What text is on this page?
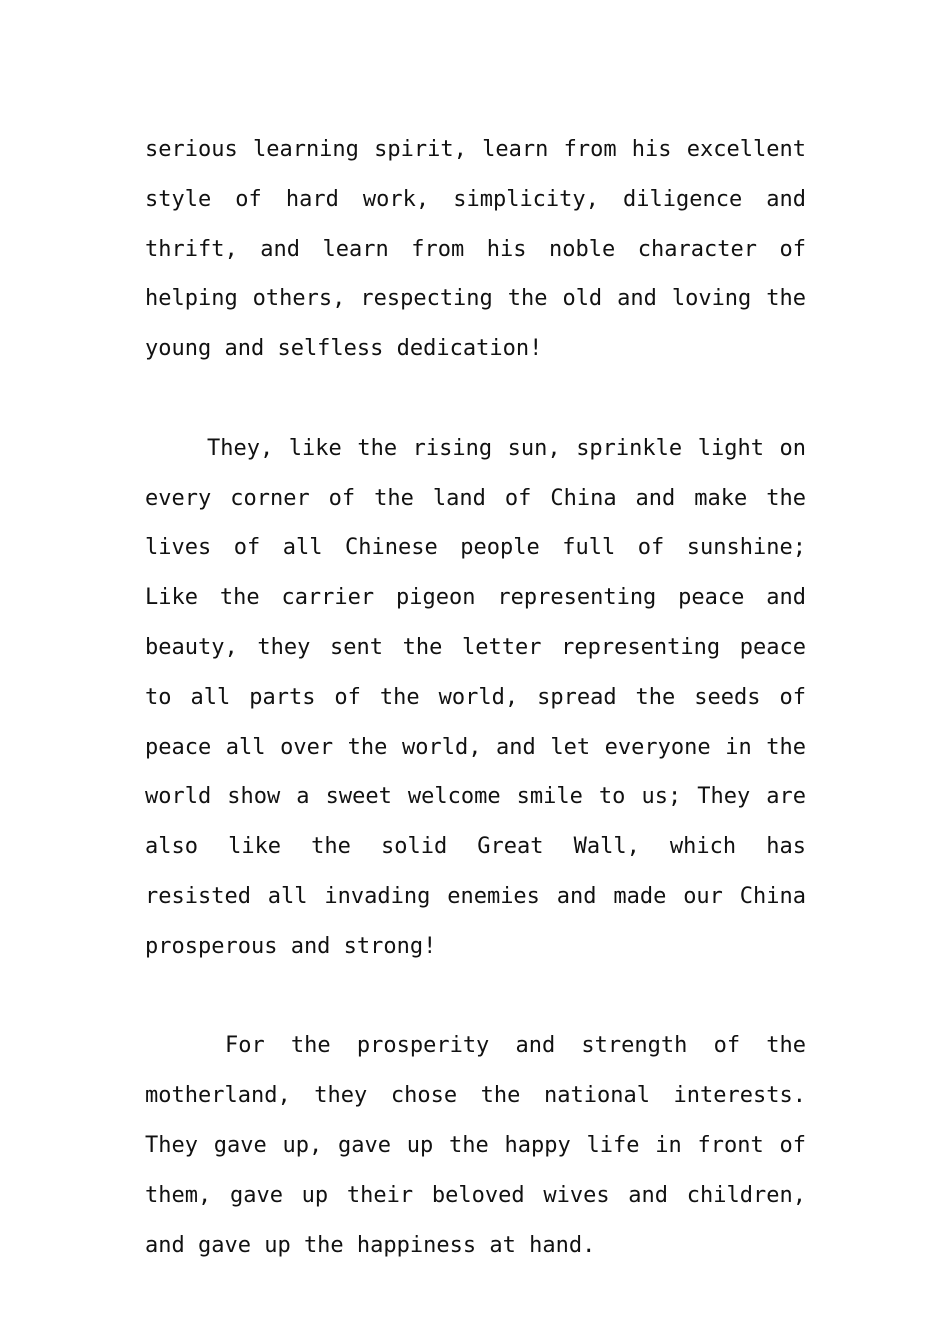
serious learning spirit, learn from his excellent style of hard work, simplicity, diligence and thrift, and learn from his noble character of helping others, respecting the old and loving the young and selfless dedication!

They, like the rising sun, sprinkle light on every corner of the land of China and make the lives of all Chinese people full of sunshine; Like the carrier pigeon representing peace and beauty, they sent the letter representing peace to all parts of the world, spread the seeds of peace all over the world, and let everyone in the world show a sweet welcome smile to us; They are also like the solid Great Wall, which has resisted all invading enemies and made our China prosperous and strong!

For the prosperity and strength of the motherland, they chose the national interests. They gave up, gave up the happy life in front of them, gave up their beloved wives and children, and gave up the happiness at hand.
